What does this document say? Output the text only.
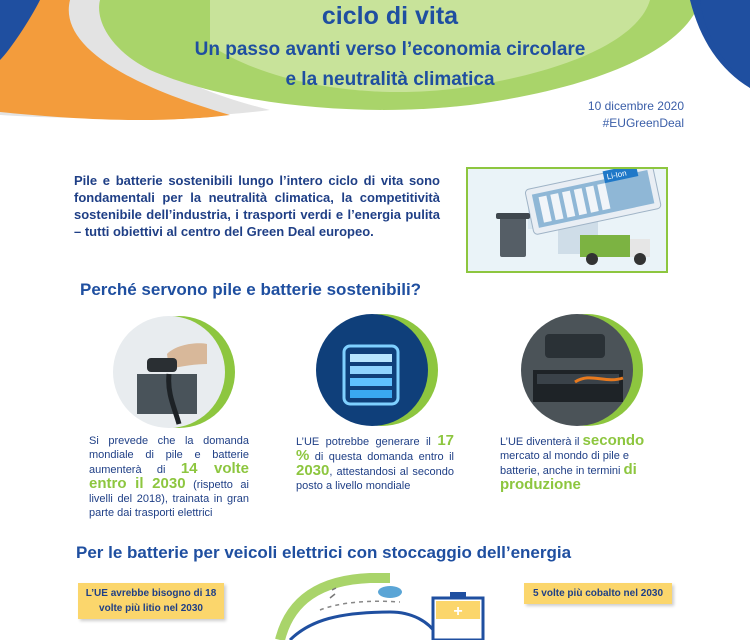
ciclo di vita
Un passo avanti verso l’economia circolare
e la neutralità climatica
10 dicembre 2020
#EUGreenDeal
Pile e batterie sostenibili lungo l’intero ciclo di vita sono fondamentali per la neutralità climatica, la competitività sostenibile dell’industria, i trasporti verdi e l’energia pulita – tutti obiettivi al centro del Green Deal europeo.
Li-Ion
Perché servono pile e batterie sostenibili?
Si prevede che la domanda mondiale di pile e batterie aumenterà di 14 volte entro il 2030 (rispetto ai livelli del 2018), trainata in gran parte dai trasporti elettrici
L’UE potrebbe generare il 17 % di questa domanda entro il 2030, attestandosi al secondo posto a livello mondiale
L’UE diventerà il secondo mercato al mondo di pile e batterie, anche in termini di produzione
Per le batterie per veicoli elettrici con stoccaggio dell’energia
L’UE avrebbe bisogno di 18 volte più litio nel 2030
5 volte più cobalto nel 2030
+
